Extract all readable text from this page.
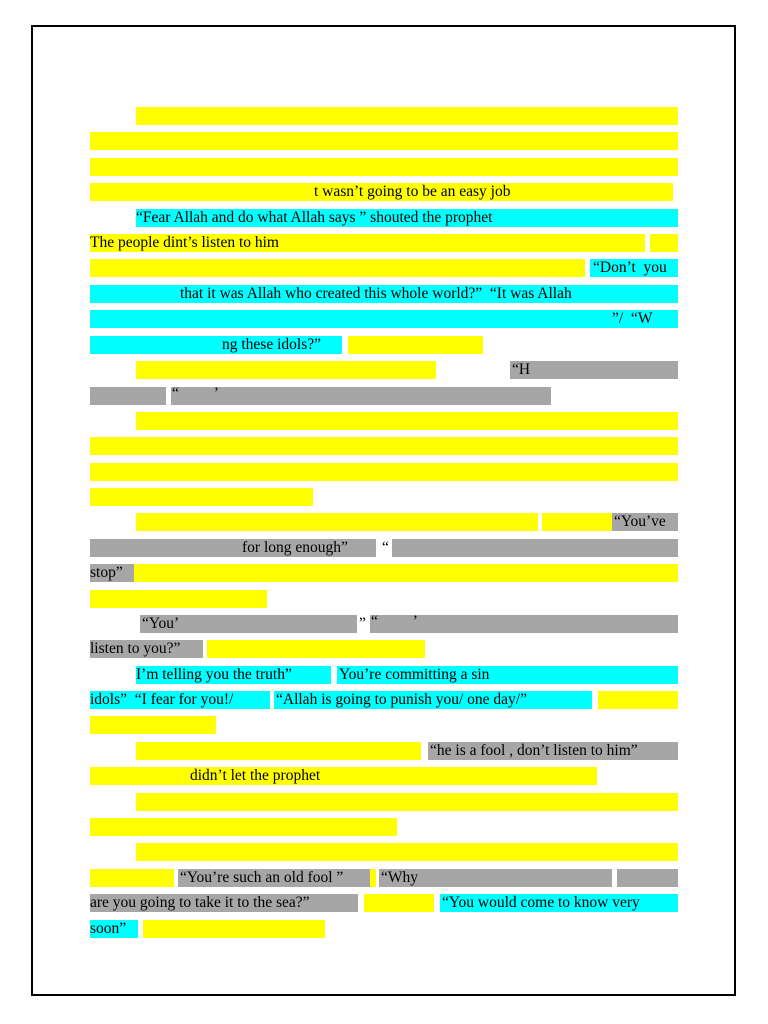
t wasn’t going to be an easy job
“Fear Allah and do what Allah says ” shouted the prophet
The people dint’s listen to him
“Don’t  you
that it was Allah who created this whole world?”  “It was Allah
”/  “W
ng these idols?”
“H
“         ’
“You’ve
for long enough” “
stop”
“You’	” “         ’
listen to you?”
I’m telling you the truth”	You’re committing a sin
idols”  “I fear for you!/	“Allah is going to punish you/ one day/”
“he is a fool , don’t listen to him”
didn’t let the prophet
“You’re such an old fool ” “Why
are you going to take it to the sea?”	“You would come to know very
soon”
